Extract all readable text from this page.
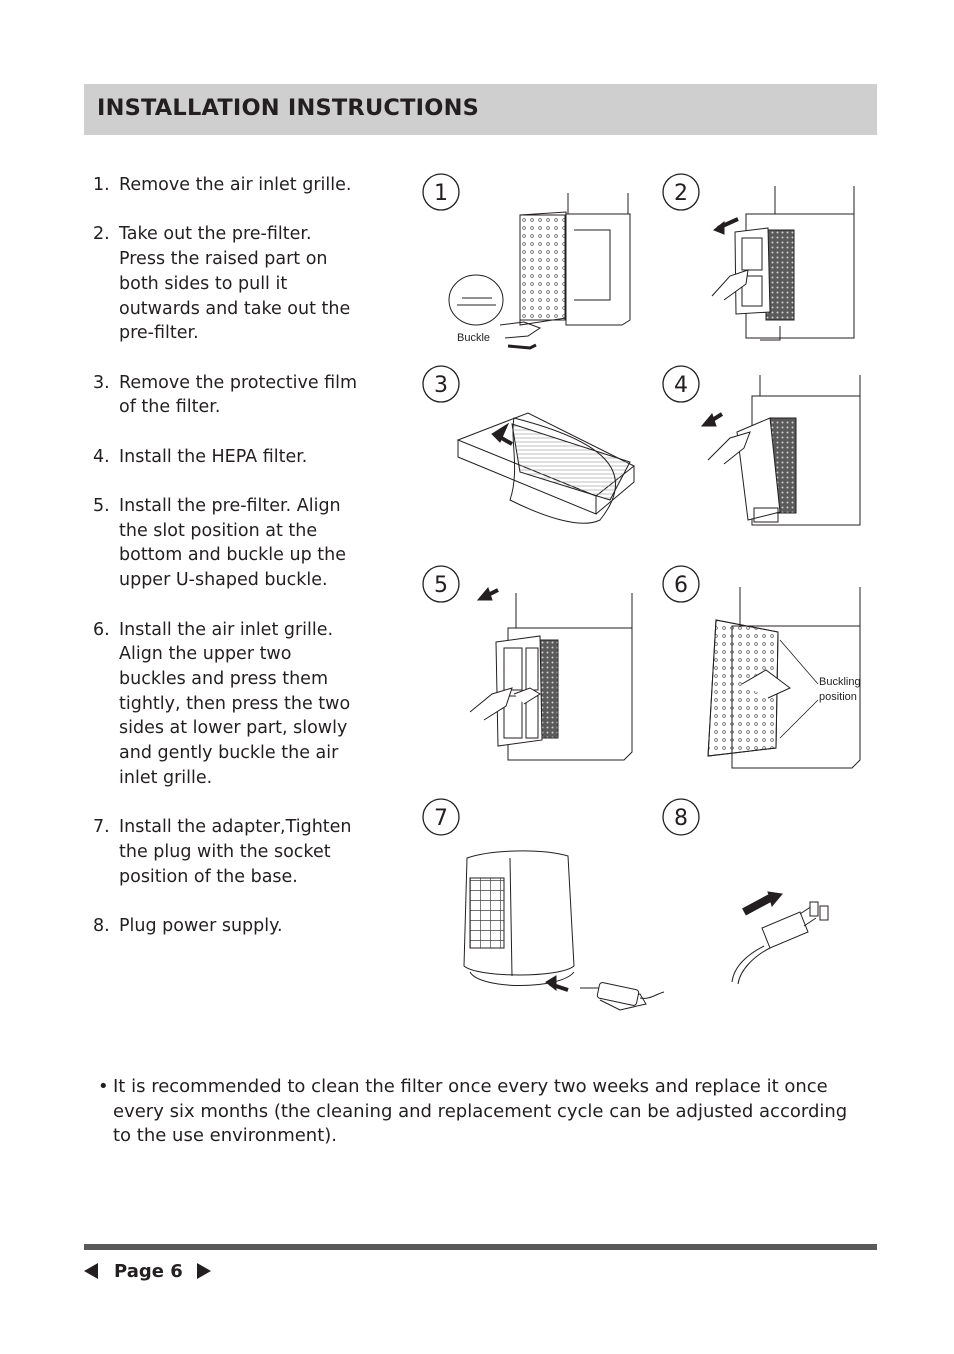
INSTALLATION INSTRUCTIONS
1. Remove the air inlet grille.
2. Take out the pre-filter.
Press the raised part on
both sides to pull it
outwards and take out the
pre-filter.
3. Remove the protective film
of the filter.
4. Install the HEPA filter.
5. Install the pre-filter. Align
the slot position at the
bottom and buckle up the
upper U-shaped buckle.
6. Install the air inlet grille.
Align the upper two
buckles and press them
tightly, then press the two
sides at lower part, slowly
and gently buckle the air
inlet grille.
7. Install the adapter,Tighten
the plug with the socket
position of the base.
8. Plug power supply.
1	2
3	4
5	6
7	8
Buckle
Buckling
position
• It is recommended to clean the filter once every two weeks and replace it once every six months (the cleaning and replacement cycle can be adjusted according to the use environment).
Page 6
